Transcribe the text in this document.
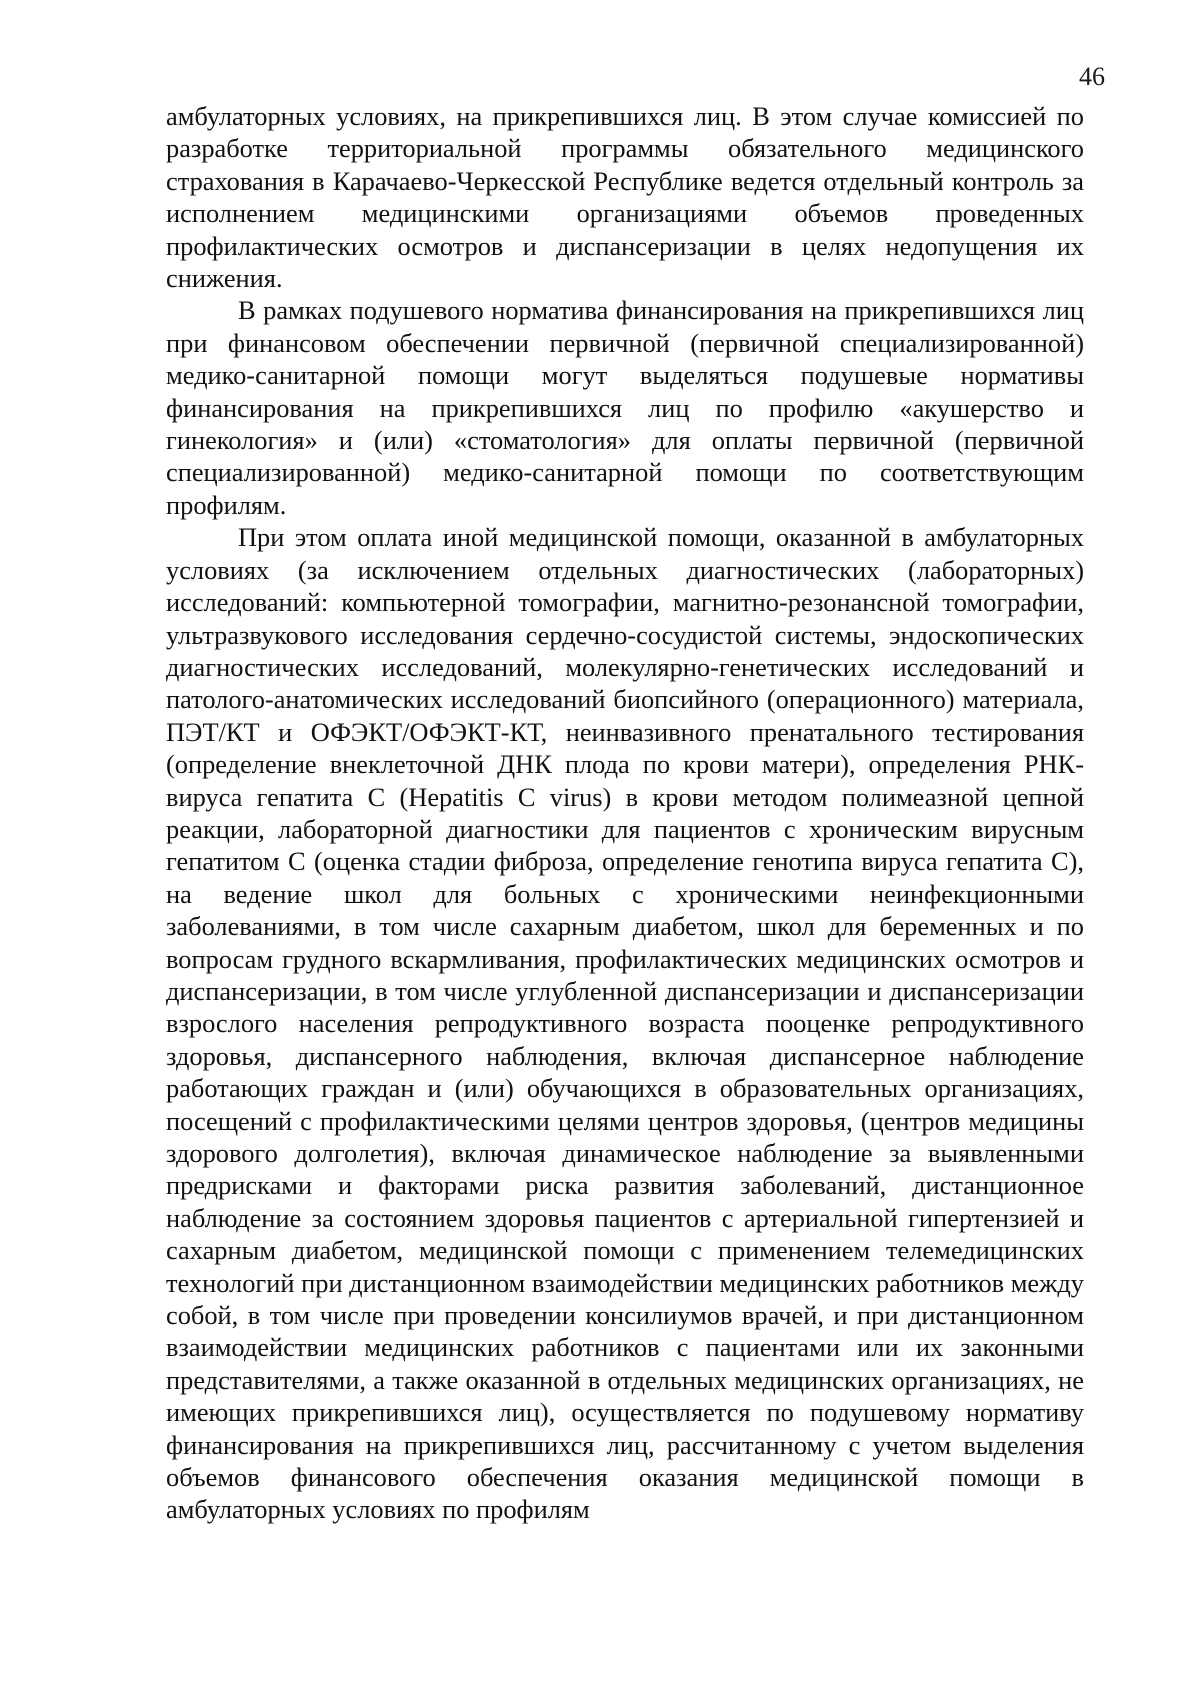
46

амбулаторных условиях, на прикрепившихся лиц. В этом случае комиссией по разработке территориальной программы обязательного медицинского страхования в Карачаево-Черкесской Республике ведется отдельный контроль за исполнением медицинскими организациями объемов проведенных профилактических осмотров и диспансеризации в целях недопущения их снижения.

В рамках подушевого норматива финансирования на прикрепившихся лиц при финансовом обеспечении первичной (первичной специализированной) медико-санитарной помощи могут выделяться подушевые нормативы финансирования на прикрепившихся лиц по профилю «акушерство и гинекология» и (или) «стоматология» для оплаты первичной (первичной специализированной) медико-санитарной помощи по соответствующим профилям.

При этом оплата иной медицинской помощи, оказанной в амбулаторных условиях (за исключением отдельных диагностических (лабораторных) исследований: компьютерной томографии, магнитно-резонансной томографии, ультразвукового исследования сердечно-сосудистой системы, эндоскопических диагностических исследований, молекулярно-генетических исследований и патолого-анатомических исследований биопсийного (операционного) материала, ПЭТ/КТ и ОФЭКТ/ОФЭКТ-КТ, неинвазивного пренатального тестирования (определение внеклеточной ДНК плода по крови матери), определения РНК-вируса гепатита С (Hepatitis C virus) в крови методом полимеазной цепной реакции, лабораторной диагностики для пациентов с хроническим вирусным гепатитом С (оценка стадии фиброза, определение генотипа вируса гепатита С), на ведение школ для больных с хроническими неинфекционными заболеваниями, в том числе сахарным диабетом, школ для беременных и по вопросам грудного вскармливания, профилактических медицинских осмотров и диспансеризации, в том числе углубленной диспансеризации и диспансеризации взрослого населения репродуктивного возраста пооценке репродуктивного здоровья, диспансерного наблюдения, включая диспансерное наблюдение работающих граждан и (или) обучающихся в образовательных организациях, посещений с профилактическими целями центров здоровья, (центров медицины здорового долголетия), включая динамическое наблюдение за выявленными предрисками и факторами риска развития заболеваний, дистанционное наблюдение за состоянием здоровья пациентов с артериальной гипертензией и сахарным диабетом, медицинской помощи с применением телемедицинских технологий при дистанционном взаимодействии медицинских работников между собой, в том числе при проведении консилиумов врачей, и при дистанционном взаимодействии медицинских работников с пациентами или их законными представителями, а также оказанной в отдельных медицинских организациях, не имеющих прикрепившихся лиц), осуществляется по подушевому нормативу финансирования на прикрепившихся лиц, рассчитанному с учетом выделения объемов финансового обеспечения оказания медицинской помощи в амбулаторных условиях по профилям
